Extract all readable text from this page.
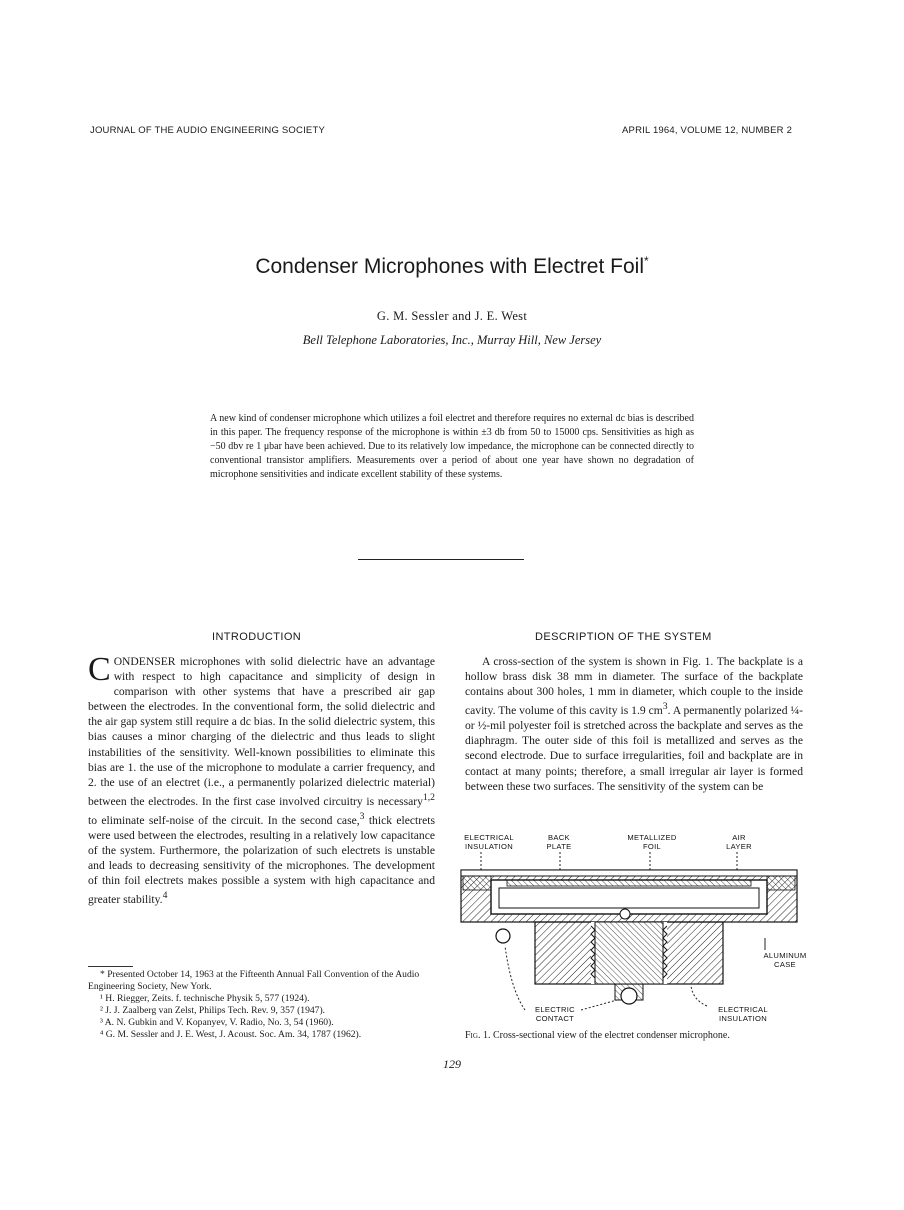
JOURNAL OF THE AUDIO ENGINEERING SOCIETY	APRIL 1964, VOLUME 12, NUMBER 2
Condenser Microphones with Electret Foil*
G. M. Sessler and J. E. West
Bell Telephone Laboratories, Inc., Murray Hill, New Jersey
A new kind of condenser microphone which utilizes a foil electret and therefore requires no external dc bias is described in this paper. The frequency response of the microphone is within ±3 db from 50 to 15000 cps. Sensitivities as high as −50 dbv re 1 μbar have been achieved. Due to its relatively low impedance, the microphone can be connected directly to conventional transistor amplifiers. Measurements over a period of about one year have shown no degradation of microphone sensitivities and indicate excellent stability of these systems.
INTRODUCTION	DESCRIPTION OF THE SYSTEM
CONDENSER microphones with solid dielectric have an advantage with respect to high capacitance and simplicity of design in comparison with other systems that have a prescribed air gap between the electrodes. In the conventional form, the solid dielectric and the air gap system still require a dc bias. In the solid dielectric system, this bias causes a minor charging of the dielectric and thus leads to slight instabilities of the sensitivity. Well-known possibilities to eliminate this bias are 1. the use of the microphone to modulate a carrier frequency, and 2. the use of an electret (i.e., a permanently polarized dielectric material) between the electrodes. In the first case involved circuitry is necessary$^{1,2}$ to eliminate self-noise of the circuit. In the second case,$^3$ thick electrets were used between the electrodes, resulting in a relatively low capacitance of the system. Furthermore, the polarization of such electrets is unstable and leads to decreasing sensitivity of the microphones. The development of thin foil electrets makes possible a system with high capacitance and greater stability.$^4$
A cross-section of the system is shown in Fig. 1. The backplate is a hollow brass disk 38 mm in diameter. The surface of the backplate contains about 300 holes, 1 mm in diameter, which couple to the inside cavity. The volume of this cavity is 1.9 $cm^3$. A permanently polarized ¼- or ½-mil polyester foil is stretched across the backplate and serves as the diaphragm. The outer side of this foil is metallized and serves as the second electrode. Due to surface irregularities, foil and backplate are in contact at many points; therefore, a small irregular air layer is formed between these two surfaces. The sensitivity of the system can be
ELECTRICAL
INSULATION
BACK
PLATE
METALLIZED
FOIL
AIR
LAYER
ALUMINUM
CASE
ELECTRIC
CONTACT
ELECTRICAL
INSULATION
Fig. 1. Cross-sectional view of the electret condenser microphone.

* Presented October 14, 1963 at the Fifteenth Annual Fall Convention of the Audio Engineering Society, New York.

¹ H. Riegger, Zeits. f. technische Physik 5, 577 (1924).

² J. J. Zaalberg van Zelst, Philips Tech. Rev. 9, 357 (1947).

³ A. N. Gubkin and V. Kopanyev, V. Radio, No. 3, 54 (1960).

⁴ G. M. Sessler and J. E. West, J. Acoust. Soc. Am. 34, 1787 (1962).

129
